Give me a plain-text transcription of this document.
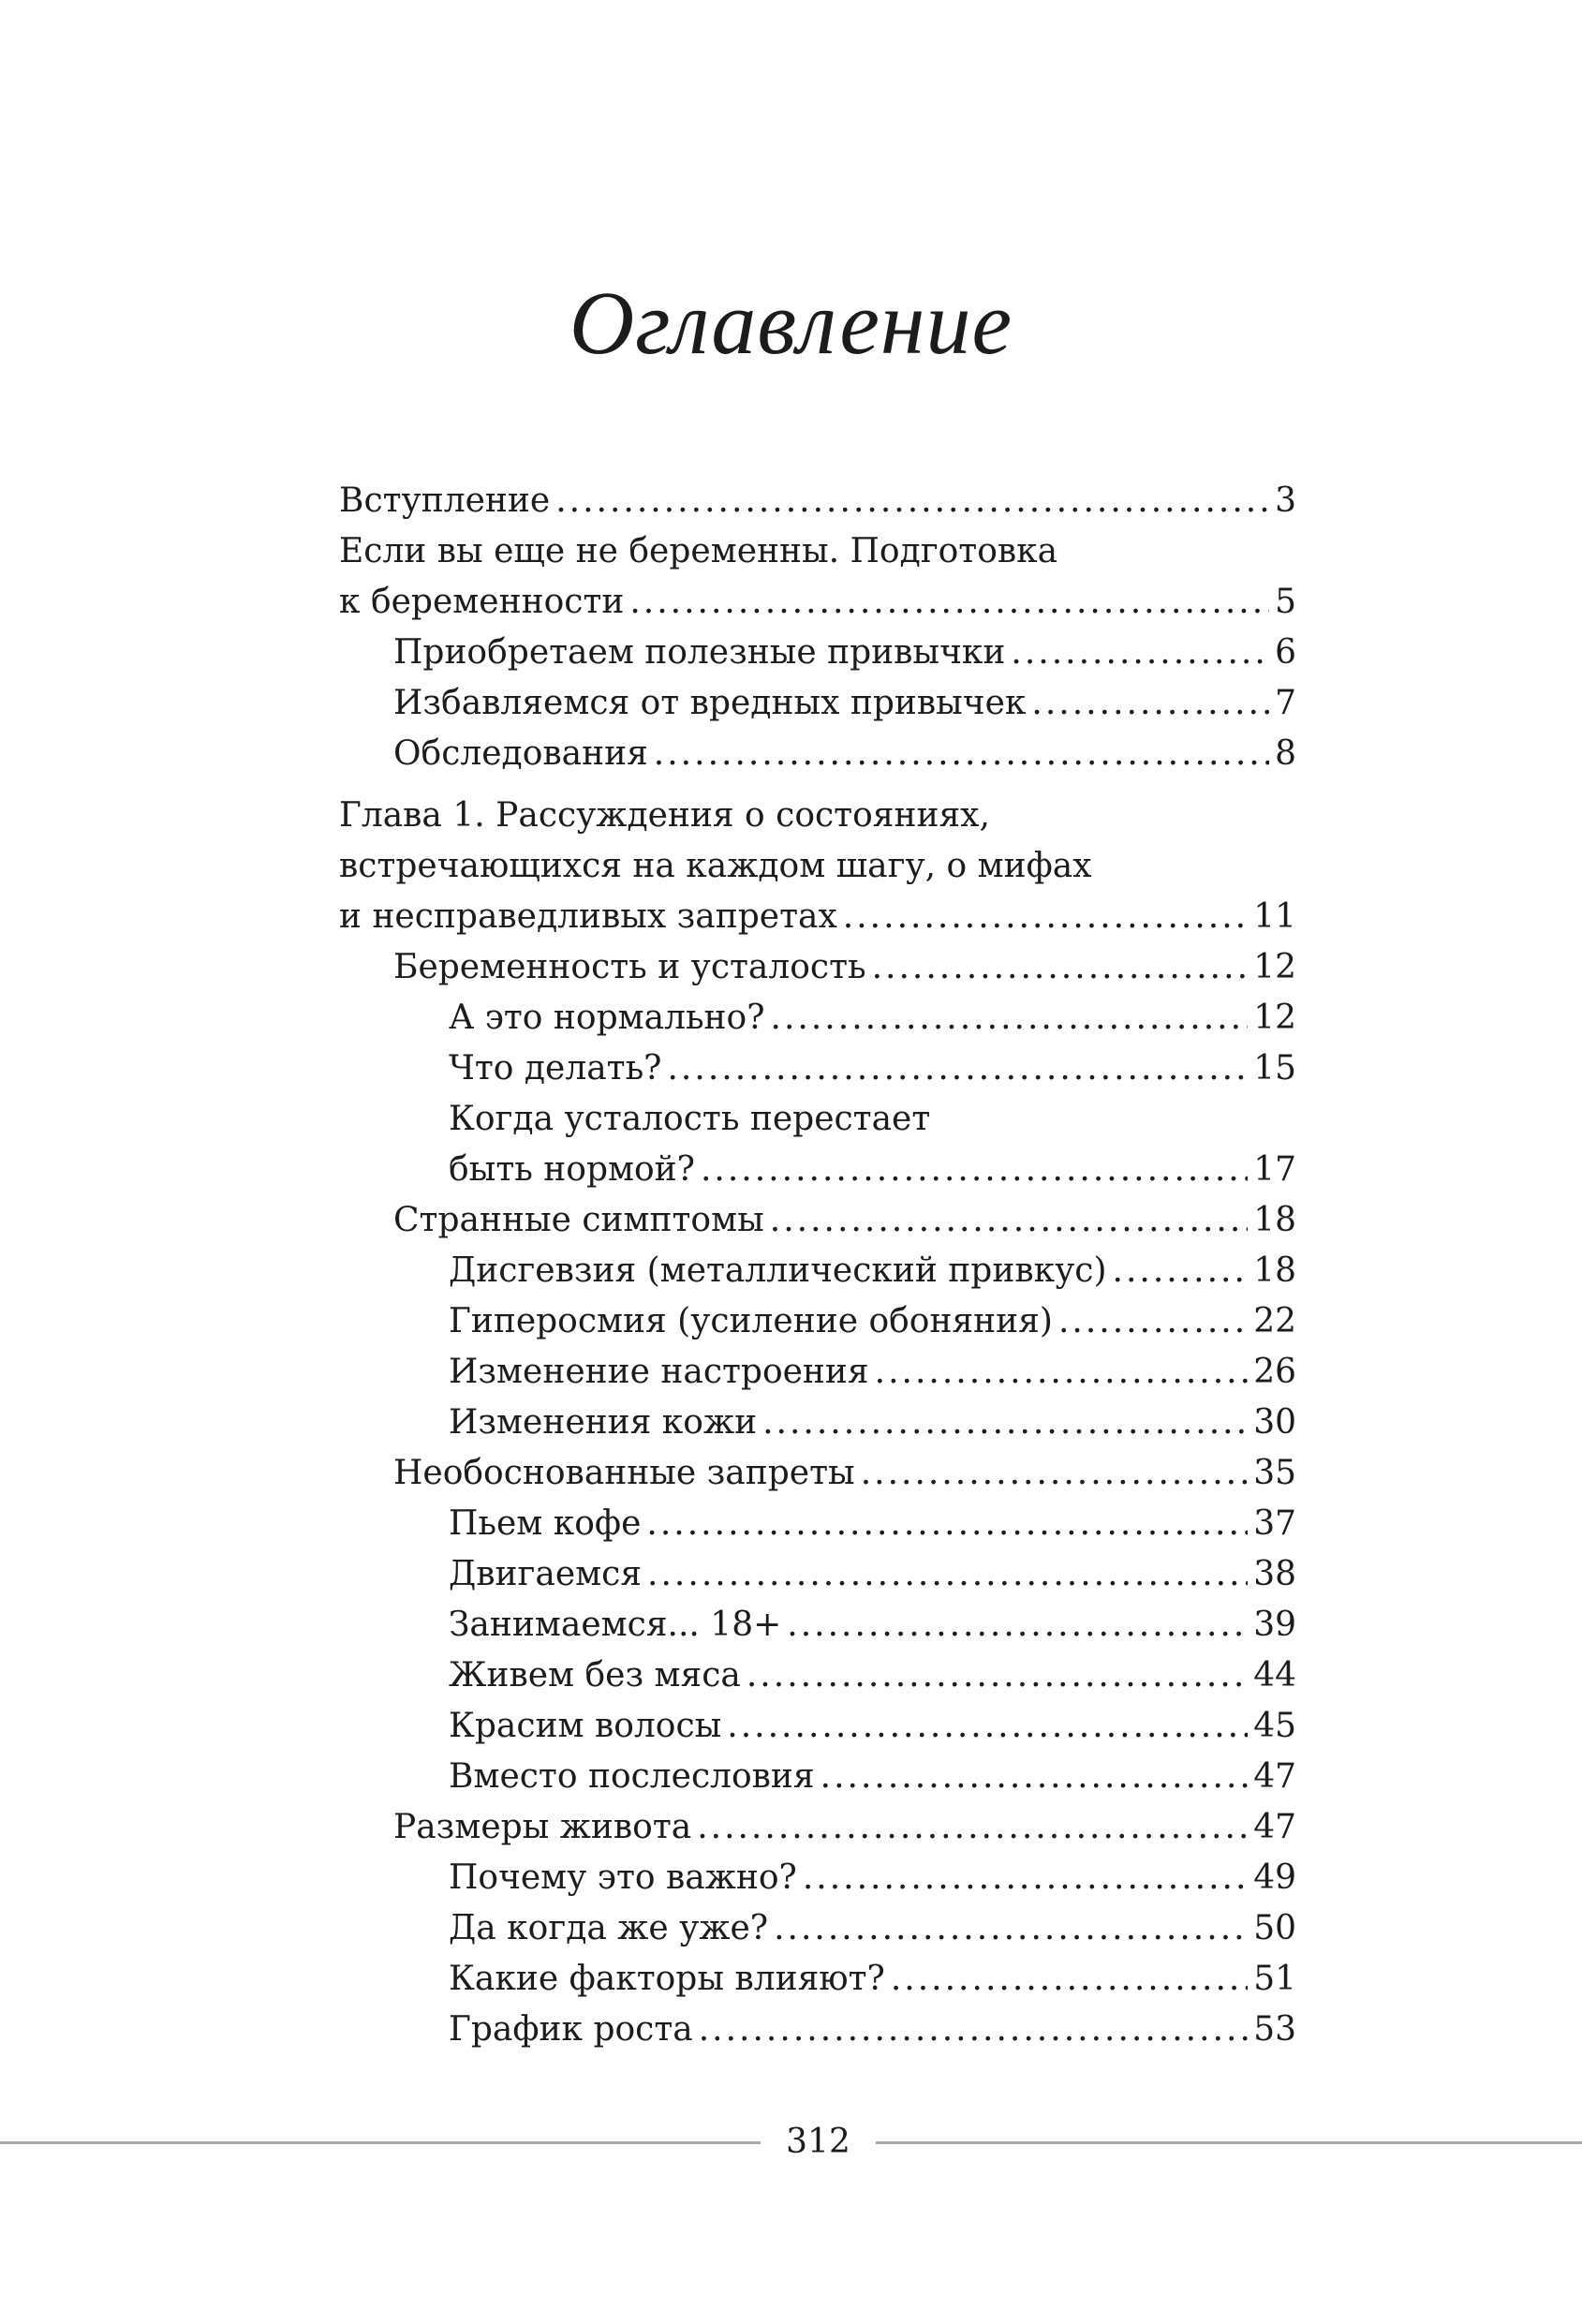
Оглавление
Вступление .....	3
Если вы еще не беременны. Подготовка
к беременности .....	5
Приобретаем полезные привычки .....	6
Избавляемся от вредных привычек .....	7
Обследования .....	8
Глава 1. Рассуждения о состояниях,
встречающихся на каждом шагу, о мифах
и несправедливых запретах .....	11
Беременность и усталость .....	12
А это нормально? .....	12
Что делать? .....	15
Когда усталость перестает
быть нормой? .....	17
Странные симптомы .....	18
Дисгевзия (металлический привкус) .....	18
Гиперосмия (усиление обоняния) .....	22
Изменение настроения .....	26
Изменения кожи .....	30
Необоснованные запреты .....	35
Пьем кофе .....	37
Двигаемся .....	38
Занимаемся... 18+ .....	39
Живем без мяса .....	44
Красим волосы .....	45
Вместо послесловия .....	47
Размеры живота .....	47
Почему это важно? .....	49
Да когда же уже? .....	50
Какие факторы влияют? .....	51
График роста .....	53
312
